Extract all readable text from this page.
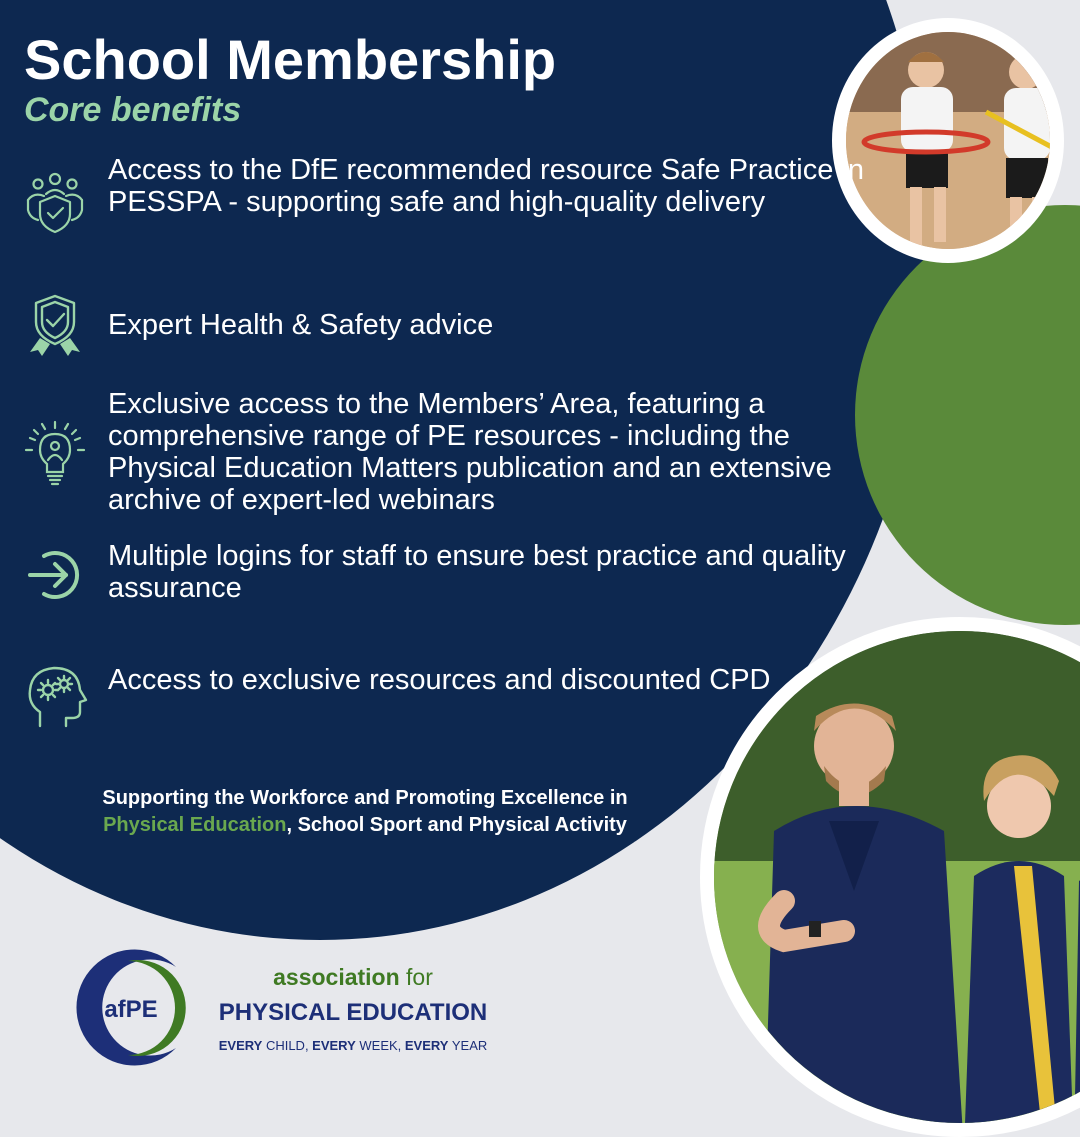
School Membership
Core benefits
Access to the DfE recommended resource Safe Practice in PESSPA - supporting safe and high-quality delivery
Expert Health & Safety advice
Exclusive access to the Members’ Area, featuring a comprehensive range of PE resources - including the Physical Education Matters publication and an extensive archive of expert-led webinars
Multiple logins for staff to ensure best practice and quality assurance
Access to exclusive resources and discounted CPD
Supporting the Workforce and Promoting Excellence in
Physical Education, School Sport and Physical Activity
afPE
association for
PHYSICAL EDUCATION
EVERY CHILD, EVERY WEEK, EVERY YEAR
